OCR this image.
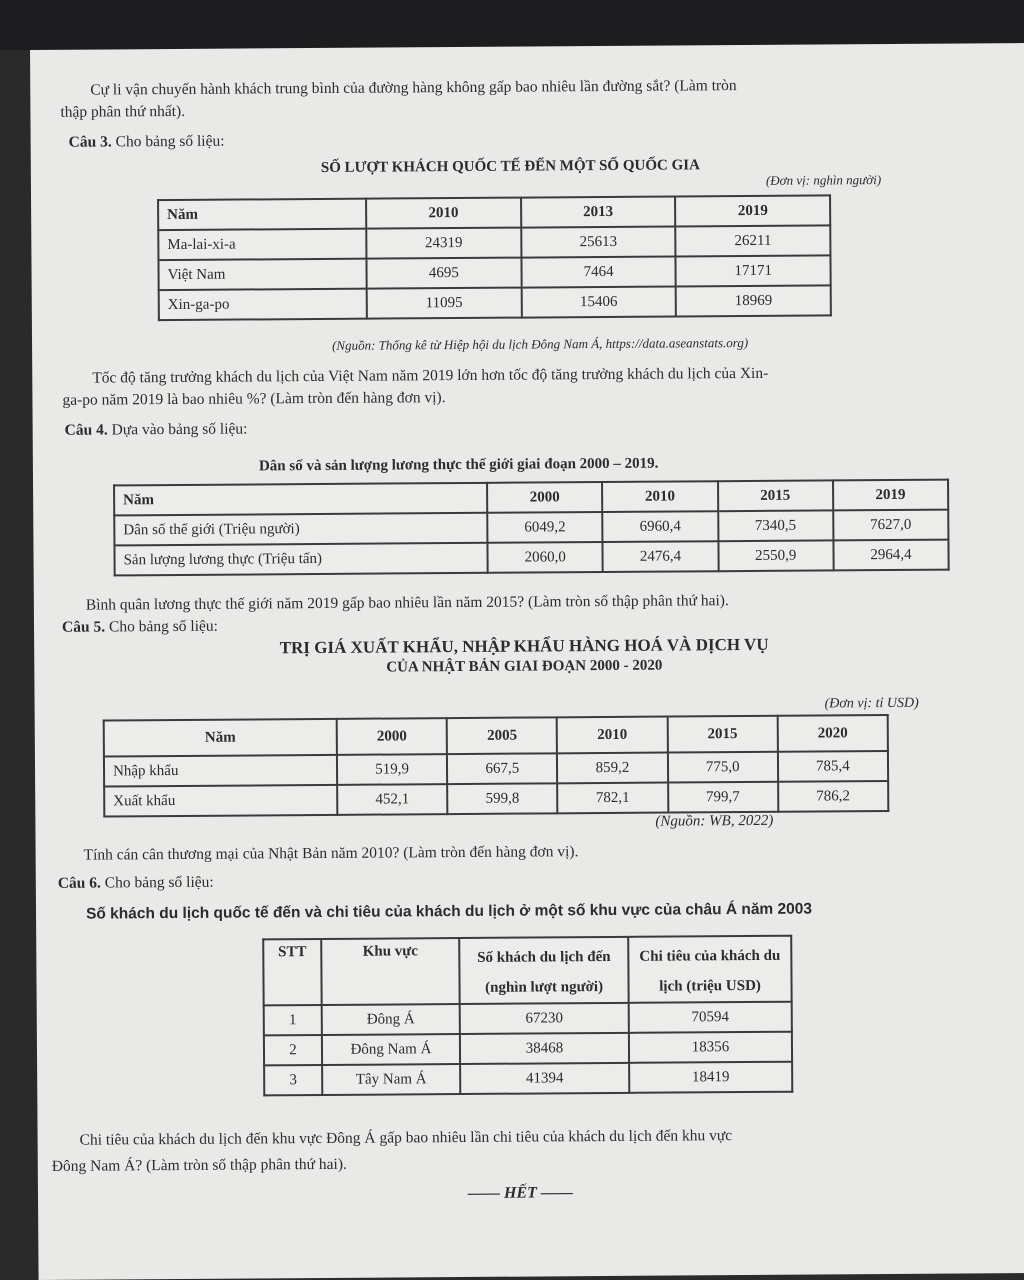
Cự li vận chuyển hành khách trung bình của đường hàng không gấp bao nhiêu lần đường sắt? (Làm tròn

thập phân thứ nhất).

Câu 3. Cho bảng số liệu:

SỐ LƯỢT KHÁCH QUỐC TẾ ĐẾN MỘT SỐ QUỐC GIA

(Đơn vị: nghìn người)

Năm	2010	2013	2019
Ma-lai-xi-a	24319	25613	26211
Việt Nam	4695	7464	17171
Xin-ga-po	11095	15406	18969

(Nguồn: Thống kê từ Hiệp hội du lịch Đông Nam Á, https://data.aseanstats.org)

Tốc độ tăng trưởng khách du lịch của Việt Nam năm 2019 lớn hơn tốc độ tăng trưởng khách du lịch của Xin-

ga-po năm 2019 là bao nhiêu %? (Làm tròn đến hàng đơn vị).

Câu 4. Dựa vào bảng số liệu:

Dân số và sản lượng lương thực thế giới giai đoạn 2000 – 2019.

Năm	2000	2010	2015	2019
Dân số thế giới (Triệu người)	6049,2	6960,4	7340,5	7627,0
Sản lượng lương thực (Triệu tấn)	2060,0	2476,4	2550,9	2964,4

Bình quân lương thực thế giới năm 2019 gấp bao nhiêu lần năm 2015? (Làm tròn số thập phân thứ hai).

Câu 5. Cho bảng số liệu:

TRỊ GIÁ XUẤT KHẨU, NHẬP KHẨU HÀNG HOÁ VÀ DỊCH VỤ

CỦA NHẬT BẢN GIAI ĐOẠN 2000 - 2020

(Đơn vị: tỉ USD)

Năm	2000	2005	2010	2015	2020
Nhập khẩu	519,9	667,5	859,2	775,0	785,4
Xuất khẩu	452,1	599,8	782,1	799,7	786,2

(Nguồn: WB, 2022)

Tính cán cân thương mại của Nhật Bản năm 2010? (Làm tròn đến hàng đơn vị).

Câu 6. Cho bảng số liệu:

Số khách du lịch quốc tế đến và chi tiêu của khách du lịch ở một số khu vực của châu Á năm 2003

STT	Khu vực	Số khách du lịch đến (nghìn lượt người)	Chi tiêu của khách du lịch (triệu USD)
1	Đông Á	67230	70594
2	Đông Nam Á	38468	18356
3	Tây Nam Á	41394	18419

Chi tiêu của khách du lịch đến khu vực Đông Á gấp bao nhiêu lần chi tiêu của khách du lịch đến khu vực

Đông Nam Á? (Làm tròn số thập phân thứ hai).

—— HẾT ——
